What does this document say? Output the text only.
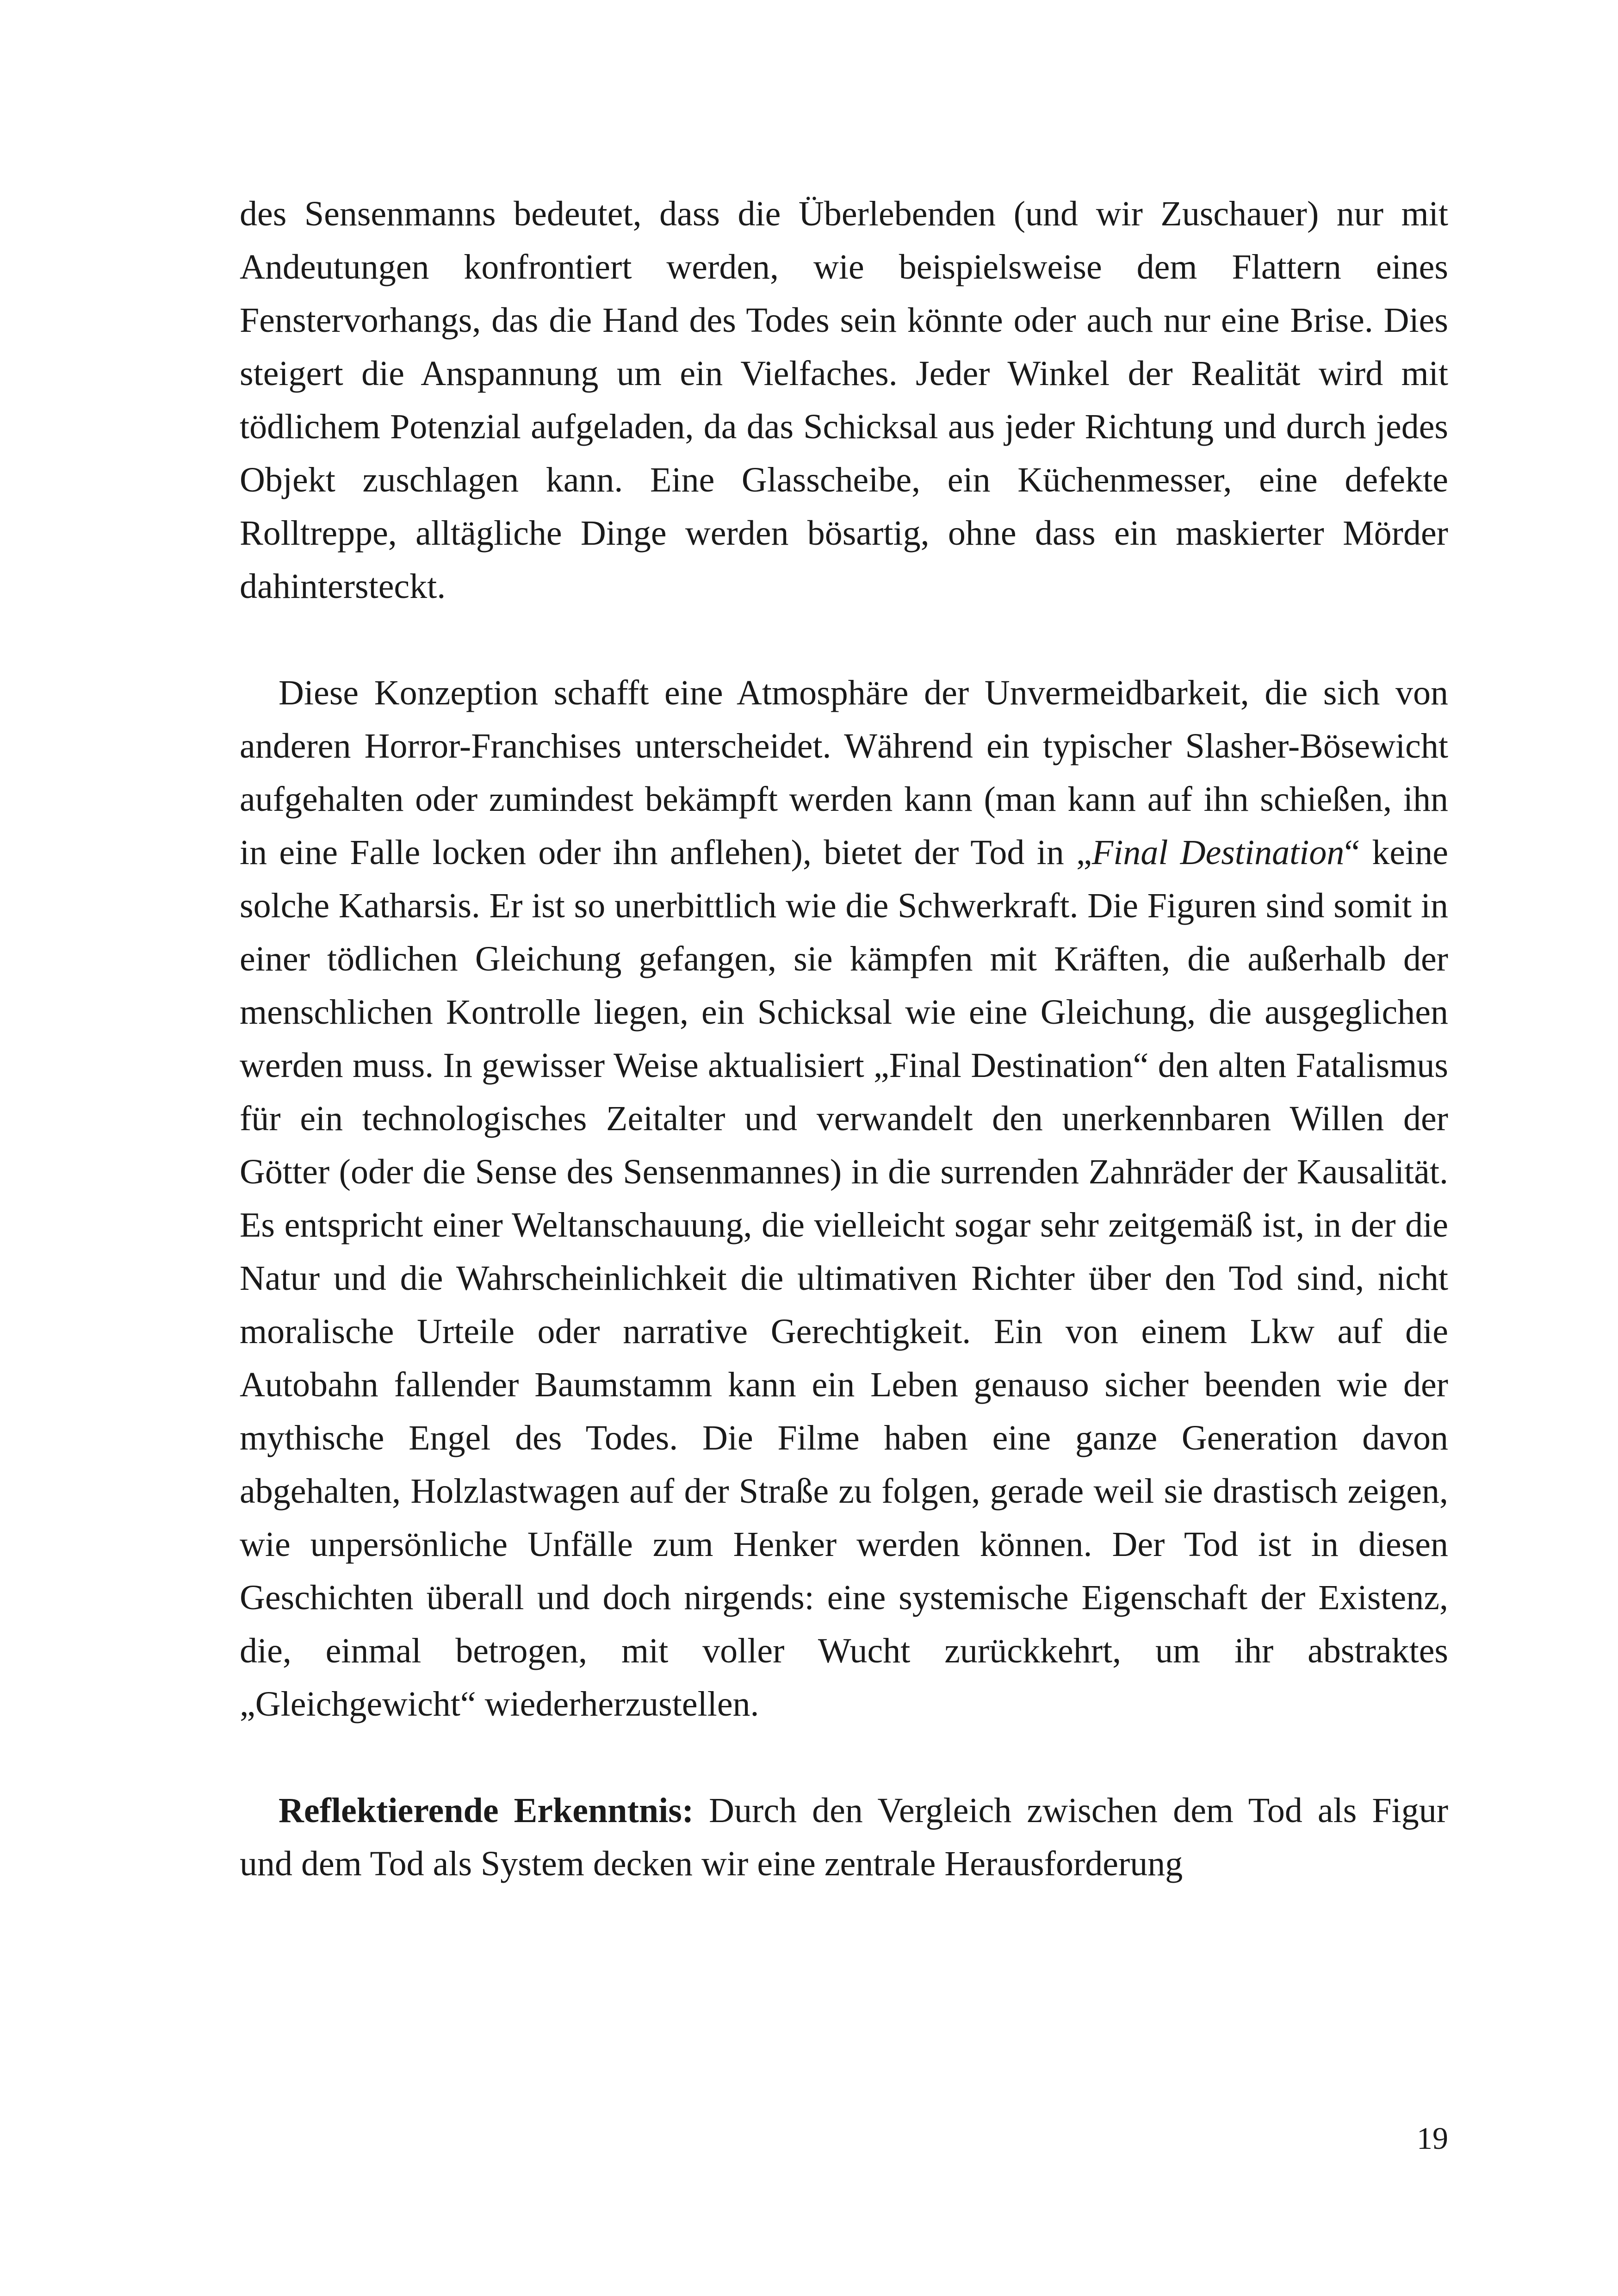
des Sensenmanns bedeutet, dass die Überlebenden (und wir Zuschauer) nur mit Andeutungen konfrontiert werden, wie beispielsweise dem Flattern eines Fenstervorhangs, das die Hand des Todes sein könnte oder auch nur eine Brise. Dies steigert die Anspannung um ein Vielfaches. Jeder Winkel der Realität wird mit tödlichem Potenzial aufgeladen, da das Schicksal aus jeder Richtung und durch jedes Objekt zuschlagen kann. Eine Glasscheibe, ein Küchenmesser, eine defekte Rolltreppe, alltägliche Dinge werden bösartig, ohne dass ein maskierter Mörder dahintersteckt.

Diese Konzeption schafft eine Atmosphäre der Unvermeidbarkeit, die sich von anderen Horror-Franchises unterscheidet. Während ein typischer Slasher-Bösewicht aufgehalten oder zumindest bekämpft werden kann (man kann auf ihn schießen, ihn in eine Falle locken oder ihn anflehen), bietet der Tod in „Final Destination“ keine solche Katharsis. Er ist so unerbittlich wie die Schwerkraft. Die Figuren sind somit in einer tödlichen Gleichung gefangen, sie kämpfen mit Kräften, die außerhalb der menschlichen Kontrolle liegen, ein Schicksal wie eine Gleichung, die ausgeglichen werden muss. In gewisser Weise aktualisiert „Final Destination“ den alten Fatalismus für ein technologisches Zeitalter und verwandelt den unerkennbaren Willen der Götter (oder die Sense des Sensenmannes) in die surrenden Zahnräder der Kausalität. Es entspricht einer Weltanschauung, die vielleicht sogar sehr zeitgemäß ist, in der die Natur und die Wahrscheinlichkeit die ultimativen Richter über den Tod sind, nicht moralische Urteile oder narrative Gerechtigkeit. Ein von einem Lkw auf die Autobahn fallender Baumstamm kann ein Leben genauso sicher beenden wie der mythische Engel des Todes. Die Filme haben eine ganze Generation davon abgehalten, Holzlastwagen auf der Straße zu folgen, gerade weil sie drastisch zeigen, wie unpersönliche Unfälle zum Henker werden können. Der Tod ist in diesen Geschichten überall und doch nirgends: eine systemische Eigenschaft der Existenz, die, einmal betrogen, mit voller Wucht zurückkehrt, um ihr abstraktes „Gleichgewicht“ wiederherzustellen.

Reflektierende Erkenntnis: Durch den Vergleich zwischen dem Tod als Figur und dem Tod als System decken wir eine zentrale Herausforderung

19
